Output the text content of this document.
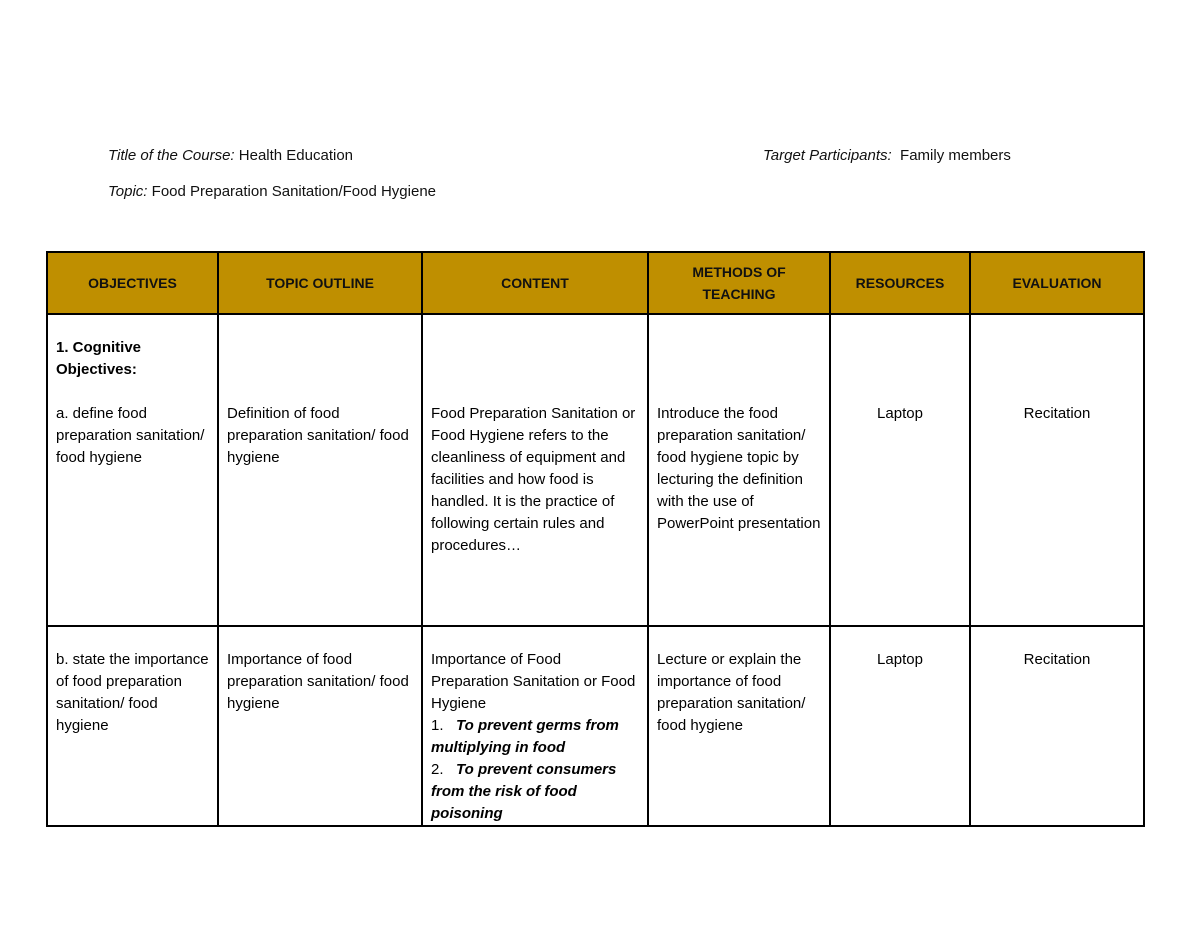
Title of the Course: Health Education	Target Participants: Family members
Topic: Food Preparation Sanitation/Food Hygiene
OBJECTIVES	TOPIC OUTLINE	CONTENT	METHODS OF TEACHING	RESOURCES	EVALUATION

1. Cognitive Objectives:
a. define food preparation sanitation/ food hygiene	Definition of food preparation sanitation/ food hygiene	Food Preparation Sanitation or Food Hygiene refers to the cleanliness of equipment and facilities and how food is handled. It is the practice of following certain rules and procedures…	Introduce the food preparation sanitation/ food hygiene topic by lecturing the definition with the use of PowerPoint presentation	Laptop	Recitation

b. state the importance of food preparation sanitation/ food hygiene	Importance of food preparation sanitation/ food hygiene	Importance of Food Preparation Sanitation or Food Hygiene
1. To prevent germs from multiplying in food
2. To prevent consumers from the risk of food poisoning	Lecture or explain the importance of food preparation sanitation/ food hygiene	Laptop	Recitation
